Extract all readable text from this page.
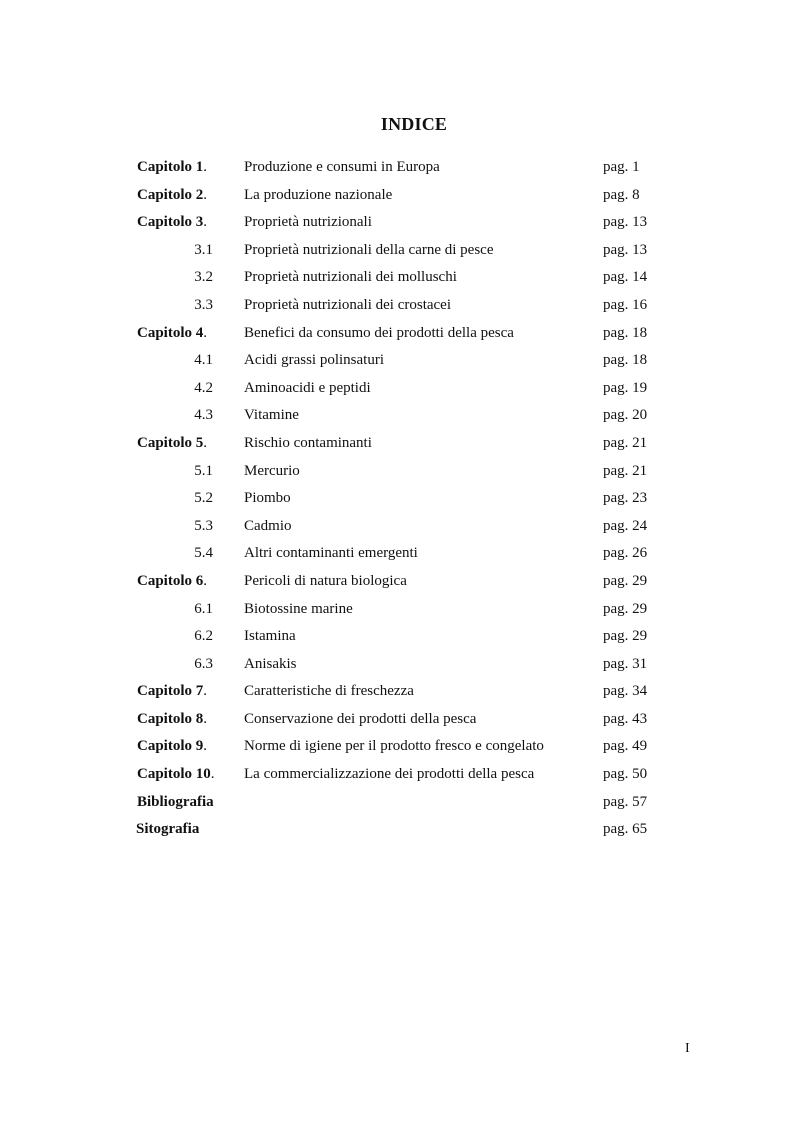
INDICE
Capitolo 1.	Produzione e consumi in Europa	pag. 1
Capitolo 2.	La produzione nazionale	pag. 8
Capitolo 3.	Proprietà nutrizionali	pag. 13
3.1 Proprietà nutrizionali della carne di pesce	pag. 13
3.2 Proprietà nutrizionali dei molluschi	pag. 14
3.3 Proprietà nutrizionali dei crostacei	pag. 16
Capitolo 4.	Benefici da consumo dei prodotti della pesca	pag. 18
4.1 Acidi grassi polinsaturi	pag. 18
4.2 Aminoacidi e peptidi	pag. 19
4.3 Vitamine	pag. 20
Capitolo 5.	Rischio contaminanti	pag. 21
5.1 Mercurio	pag. 21
5.2 Piombo	pag. 23
5.3 Cadmio	pag. 24
5.4 Altri contaminanti emergenti	pag. 26
Capitolo 6.	Pericoli di natura biologica	pag. 29
6.1 Biotossine marine	pag. 29
6.2 Istamina	pag. 29
6.3 Anisakis	pag. 31
Capitolo 7.	Caratteristiche di freschezza	pag. 34
Capitolo 8.	Conservazione dei prodotti della pesca	pag. 43
Capitolo 9.	Norme di igiene per il prodotto fresco e congelato	pag. 49
Capitolo 10.	La commercializzazione dei prodotti della pesca	pag. 50
Bibliografia	pag. 57
Sitografia	pag. 65
I
